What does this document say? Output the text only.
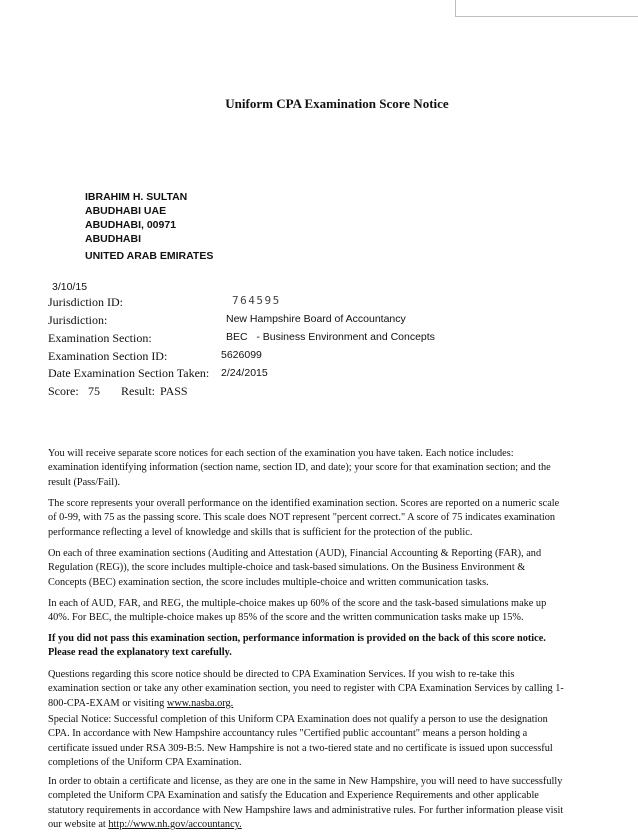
Uniform CPA Examination Score Notice
IBRAHIM H. SULTAN
ABUDHABI UAE
ABUDHABI, 00971
ABUDHABI
UNITED ARAB EMIRATES
3/10/15
Jurisdiction ID:	764595
Jurisdiction:	New Hampshire Board of Accountancy
Examination Section:	BEC   - Business Environment and Concepts
Examination Section ID:	5626099
Date Examination Section Taken: 2/24/2015
Score: 75 Result: PASS
You will receive separate score notices for each section of the examination you have taken. Each notice includes: examination identifying information (section name, section ID, and date); your score for that examination section; and the result (Pass/Fail).
The score represents your overall performance on the identified examination section. Scores are reported on a numeric scale of 0-99, with 75 as the passing score. This scale does NOT represent "percent correct." A score of 75 indicates examination performance reflecting a level of knowledge and skills that is sufficient for the protection of the public.
On each of three examination sections (Auditing and Attestation (AUD), Financial Accounting & Reporting (FAR), and Regulation (REG)), the score includes multiple-choice and task-based simulations. On the Business Environment & Concepts (BEC) examination section, the score includes multiple-choice and written communication tasks.
In each of AUD, FAR, and REG, the multiple-choice makes up 60% of the score and the task-based simulations make up 40%. For BEC, the multiple-choice makes up 85% of the score and the written communication tasks make up 15%.
If you did not pass this examination section, performance information is provided on the back of this score notice. Please read the explanatory text carefully.
Questions regarding this score notice should be directed to CPA Examination Services. If you wish to re-take this examination section or take any other examination section, you need to register with CPA Examination Services by calling 1-800-CPA-EXAM or visiting www.nasba.org.
Special Notice: Successful completion of this Uniform CPA Examination does not qualify a person to use the designation CPA. In accordance with New Hampshire accountancy rules "Certified public accountant" means a person holding a certificate issued under RSA 309-B:5. New Hampshire is not a two-tiered state and no certificate is issued upon successful completions of the Uniform CPA Examination.
In order to obtain a certificate and license, as they are one in the same in New Hampshire, you will need to have successfully completed the Uniform CPA Examination and satisfy the Education and Experience Requirements and other applicable statutory requirements in accordance with New Hampshire laws and administrative rules. For further information please visit our website at http://www.nh.gov/accountancy.
